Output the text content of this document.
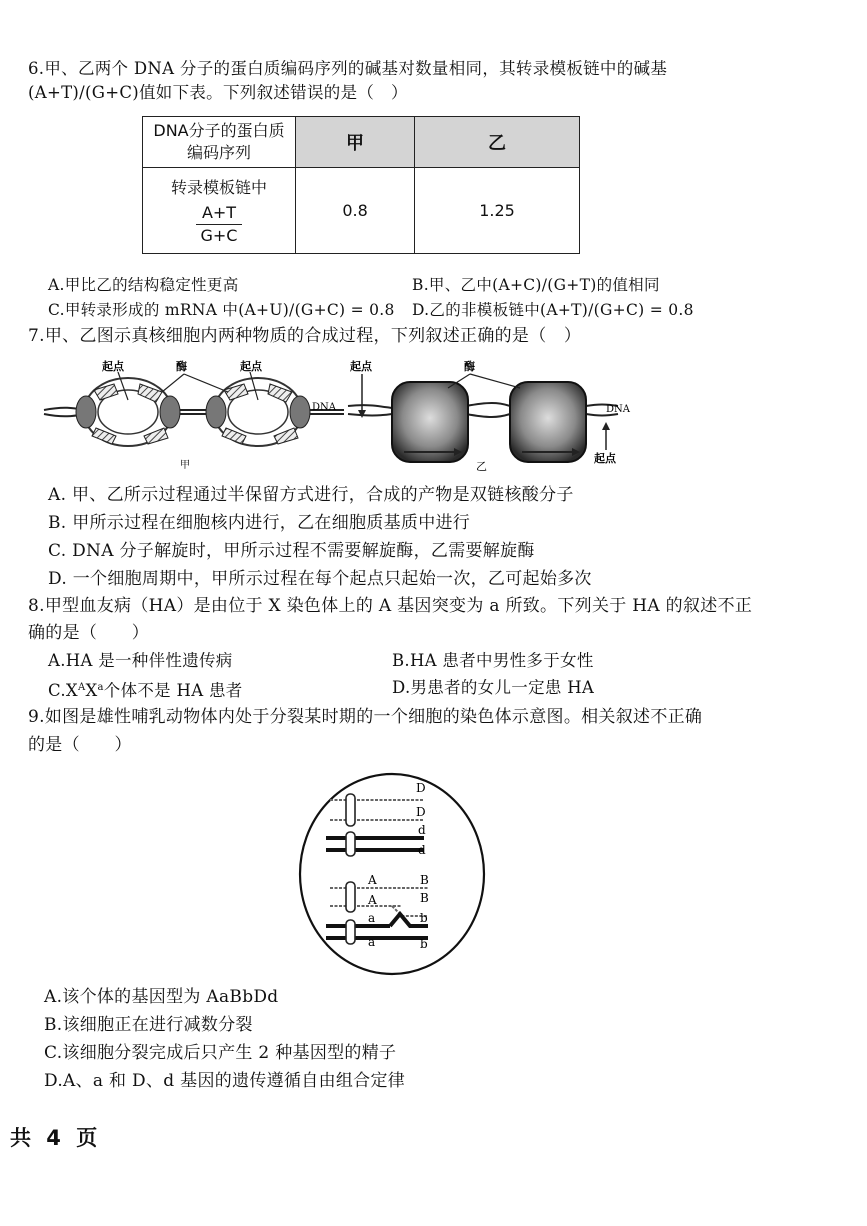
6.甲、乙两个 DNA 分子的蛋白质编码序列的碱基对数量相同，其转录模板链中的碱基
(A+T)/(G+C)值如下表。下列叙述错误的是（　）
DNA分子的蛋白质
编码序列	甲	乙

转录模板链中
$\frac{A+T}{G+C}$	0.8	1.25
A.甲比乙的结构稳定性更高	B.甲、乙中(A+C)/(G+T)的值相同
C.甲转录形成的 mRNA 中(A+U)/(G+C) = 0.8 D.乙的非模板链中(A+T)/(G+C) = 0.8
7.甲、乙图示真核细胞内两种物质的合成过程，下列叙述正确的是（　）
起点	酶	起点
DNA
甲
起点	酶
DNA
起点
乙
A. 甲、乙所示过程通过半保留方式进行，合成的产物是双链核酸分子
B. 甲所示过程在细胞核内进行，乙在细胞质基质中进行
C. DNA 分子解旋时，甲所示过程不需要解旋酶，乙需要解旋酶
D. 一个细胞周期中，甲所示过程在每个起点只起始一次，乙可起始多次
8.甲型血友病（HA）是由位于 X 染色体上的 A 基因突变为 a 所致。下列关于 HA 的叙述不正
确的是（　　）
A.HA 是一种伴性遗传病	B.HA 患者中男性多于女性
$C.X^AX^a$个体不是 HA 患者	D.男患者的女儿一定患 HA
9.如图是雄性哺乳动物体内处于分裂某时期的一个细胞的染色体示意图。相关叙述不正确
的是（　　）
D
D
d
d
A
A
B
B
a
a
b
b
A.该个体的基因型为 AaBbDd
B.该细胞正在进行减数分裂
C.该细胞分裂完成后只产生 2 种基因型的精子
D.A、a 和 D、d 基因的遗传遵循自由组合定律
共 4 页
